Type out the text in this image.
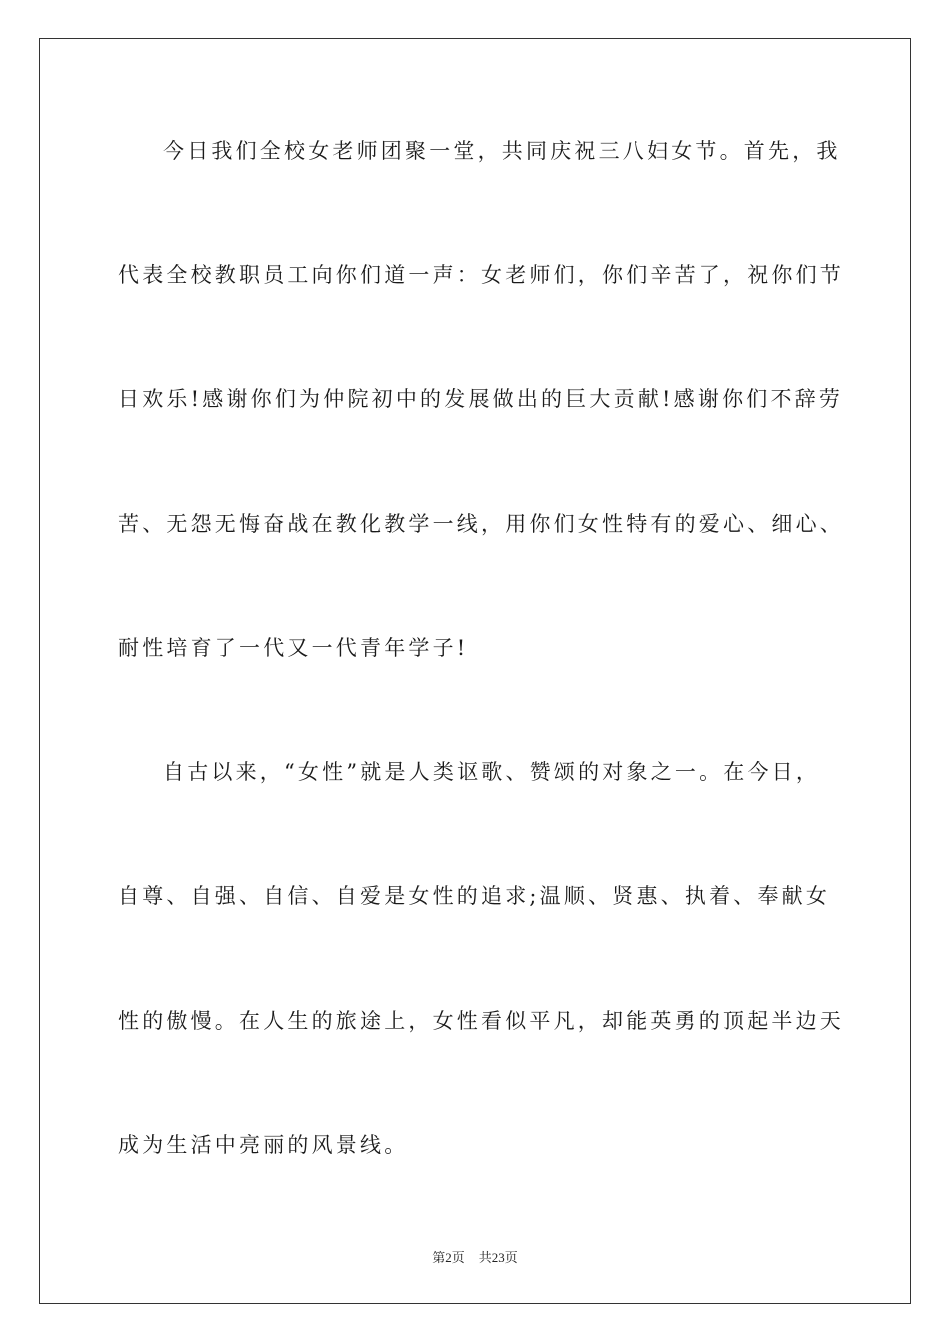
今日我们全校女老师团聚一堂，共同庆祝三八妇女节。首先，我
代表全校教职员工向你们道一声：女老师们，你们辛苦了，祝你们节
日欢乐!感谢你们为仲院初中的发展做出的巨大贡献!感谢你们不辞劳
苦、无怨无悔奋战在教化教学一线，用你们女性特有的爱心、细心、
耐性培育了一代又一代青年学子!
自古以来，“女性”就是人类讴歌、赞颂的对象之一。在今日，
自尊、自强、自信、自爱是女性的追求;温顺、贤惠、执着、奉献女
性的傲慢。在人生的旅途上，女性看似平凡，却能英勇的顶起半边天
成为生活中亮丽的风景线。
第2页 共23页
